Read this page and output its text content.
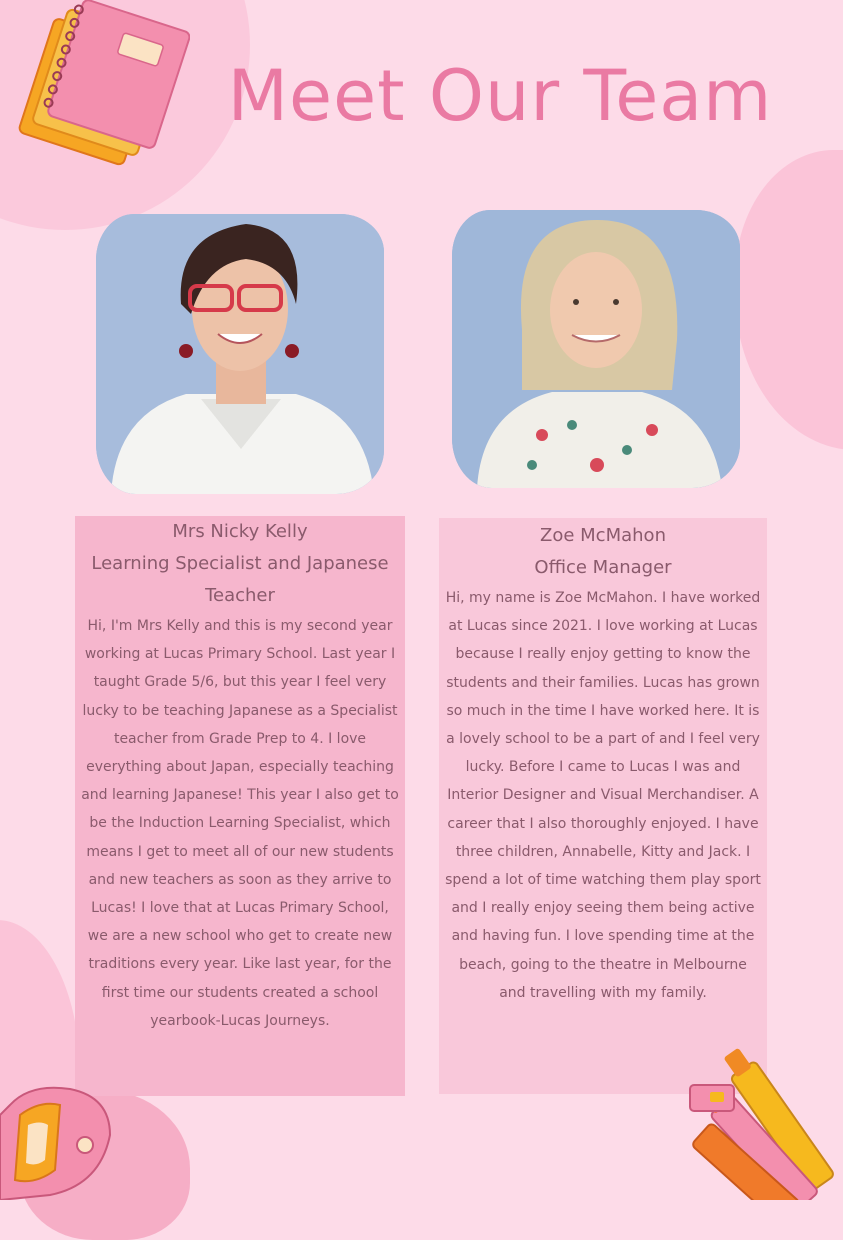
Meet Our Team
Mrs Nicky Kelly
Learning Specialist and Japanese Teacher

Hi, I'm Mrs Kelly and this is my second year working at Lucas Primary School. Last year I taught Grade 5/6, but this year I feel very lucky to be teaching Japanese as a Specialist teacher from Grade Prep to 4. I love everything about Japan, especially teaching and learning Japanese! This year I also get to be the Induction Learning Specialist, which means I get to meet all of our new students and new teachers as soon as they arrive to Lucas! I love that at Lucas Primary School, we are a new school who get to create new traditions every year. Like last year, for the first time our students created a school yearbook-Lucas Journeys.

Zoe McMahon
Office Manager

Hi, my name is Zoe McMahon. I have worked at Lucas since 2021. I love working at Lucas because I really enjoy getting to know the students and their families. Lucas has grown so much in the time I have worked here. It is a lovely school to be a part of and I feel very lucky. Before I came to Lucas I was and Interior Designer and Visual Merchandiser. A career that I also thoroughly enjoyed. I have three children, Annabelle, Kitty and Jack. I spend a lot of time watching them play sport and I really enjoy seeing them being active and having fun. I love spending time at the beach, going to the theatre in Melbourne and travelling with my family.
